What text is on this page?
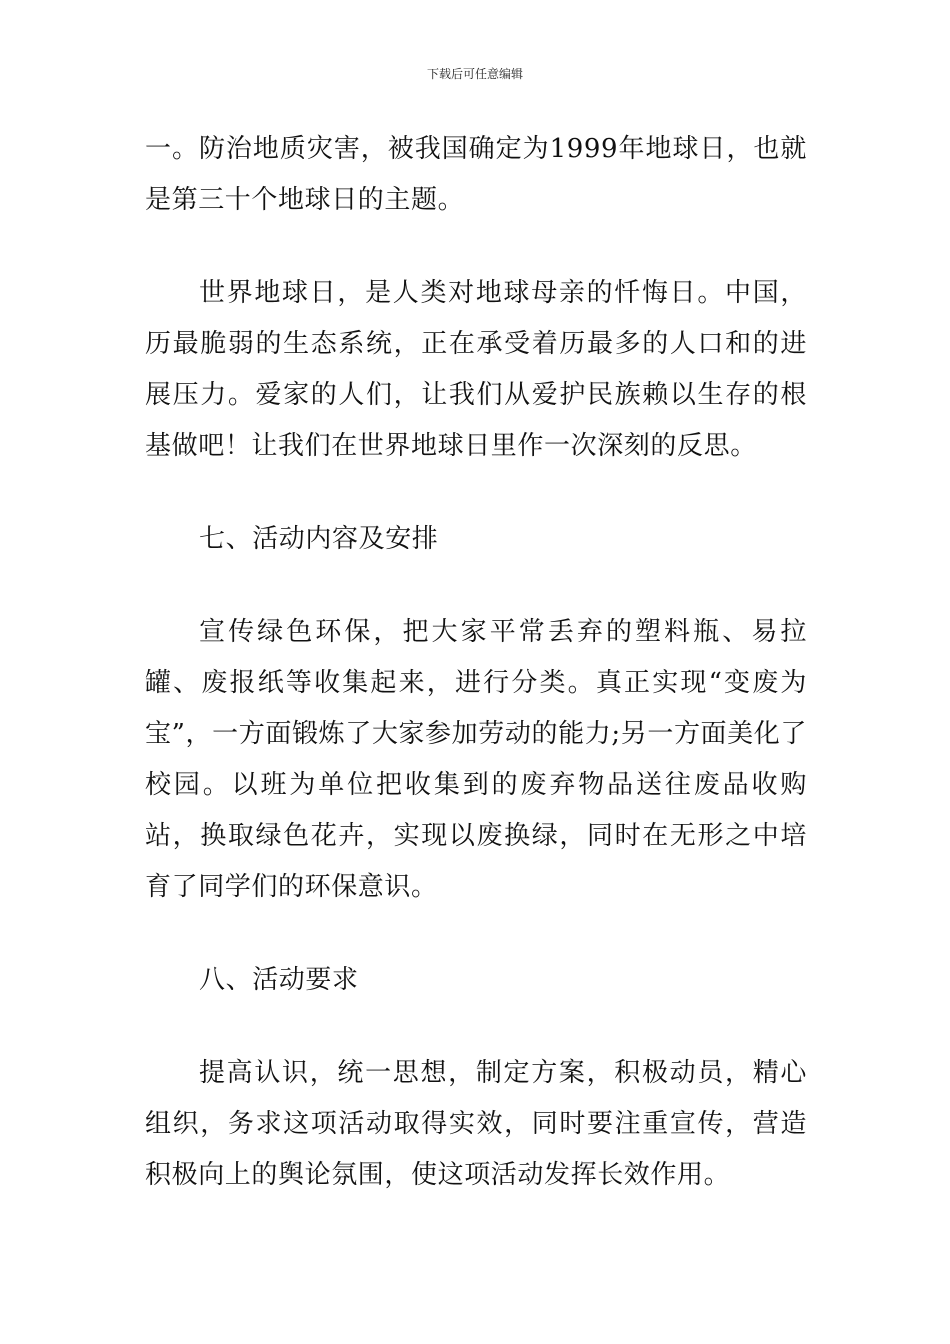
下载后可任意编辑

一。防治地质灾害，被我国确定为1999年地球日，也就是第三十个地球日的主题。

世界地球日，是人类对地球母亲的忏悔日。中国，历最脆弱的生态系统，正在承受着历最多的人口和的进展压力。爱家的人们，让我们从爱护民族赖以生存的根基做吧！让我们在世界地球日里作一次深刻的反思。

七、活动内容及安排

宣传绿色环保，把大家平常丢弃的塑料瓶、易拉罐、废报纸等收集起来，进行分类。真正实现“变废为宝”，一方面锻炼了大家参加劳动的能力;另一方面美化了校园。以班为单位把收集到的废弃物品送往废品收购站，换取绿色花卉，实现以废换绿，同时在无形之中培育了同学们的环保意识。

八、活动要求

提高认识，统一思想，制定方案，积极动员，精心组织，务求这项活动取得实效，同时要注重宣传，营造积极向上的舆论氛围，使这项活动发挥长效作用。
